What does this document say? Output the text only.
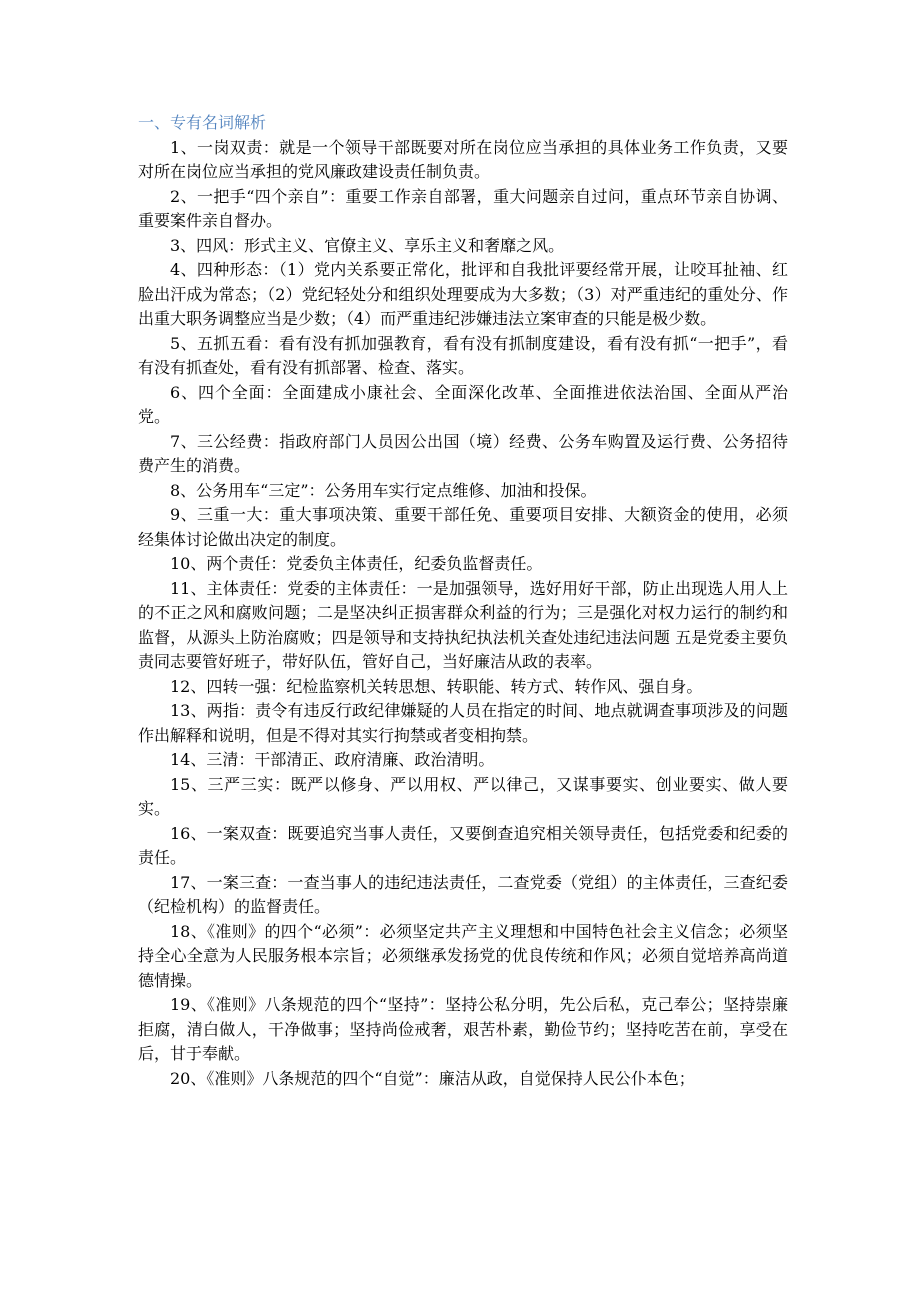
一、专有名词解析

1、一岗双责：就是一个领导干部既要对所在岗位应当承担的具体业务工作负责，又要对所在岗位应当承担的党风廉政建设责任制负责。

2、一把手“四个亲自”：重要工作亲自部署，重大问题亲自过问，重点环节亲自协调、重要案件亲自督办。

3、四风：形式主义、官僚主义、享乐主义和奢靡之风。

4、四种形态：（1）党内关系要正常化，批评和自我批评要经常开展，让咬耳扯袖、红脸出汗成为常态；（2）党纪轻处分和组织处理要成为大多数；（3）对严重违纪的重处分、作出重大职务调整应当是少数；（4）而严重违纪涉嫌违法立案审查的只能是极少数。

5、五抓五看：看有没有抓加强教育，看有没有抓制度建设，看有没有抓“一把手”，看有没有抓查处，看有没有抓部署、检查、落实。

6、四个全面：全面建成小康社会、全面深化改革、全面推进依法治国、全面从严治党。

7、三公经费：指政府部门人员因公出国（境）经费、公务车购置及运行费、公务招待费产生的消费。

8、公务用车“三定”：公务用车实行定点维修、加油和投保。

9、三重一大：重大事项决策、重要干部任免、重要项目安排、大额资金的使用，必须经集体讨论做出决定的制度。

10、两个责任：党委负主体责任，纪委负监督责任。

11、主体责任：党委的主体责任：一是加强领导，选好用好干部，防止出现选人用人上的不正之风和腐败问题；二是坚决纠正损害群众利益的行为；三是强化对权力运行的制约和监督，从源头上防治腐败；四是领导和支持执纪执法机关查处违纪违法问题 五是党委主要负责同志要管好班子，带好队伍，管好自己，当好廉洁从政的表率。

12、四转一强：纪检监察机关转思想、转职能、转方式、转作风、强自身。

13、两指：责令有违反行政纪律嫌疑的人员在指定的时间、地点就调查事项涉及的问题作出解释和说明，但是不得对其实行拘禁或者变相拘禁。

14、三清：干部清正、政府清廉、政治清明。

15、三严三实：既严以修身、严以用权、严以律己，又谋事要实、创业要实、做人要实。

16、一案双查：既要追究当事人责任，又要倒查追究相关领导责任，包括党委和纪委的责任。

17、一案三查：一查当事人的违纪违法责任，二查党委（党组）的主体责任，三查纪委（纪检机构）的监督责任。

18、《准则》的四个“必须”：必须坚定共产主义理想和中国特色社会主义信念；必须坚持全心全意为人民服务根本宗旨；必须继承发扬党的优良传统和作风；必须自觉培养高尚道德情操。

19、《准则》八条规范的四个“坚持”：坚持公私分明，先公后私，克己奉公；坚持崇廉拒腐，清白做人，干净做事；坚持尚俭戒奢，艰苦朴素，勤俭节约；坚持吃苦在前，享受在后，甘于奉献。

20、《准则》八条规范的四个“自觉”：廉洁从政，自觉保持人民公仆本色；
